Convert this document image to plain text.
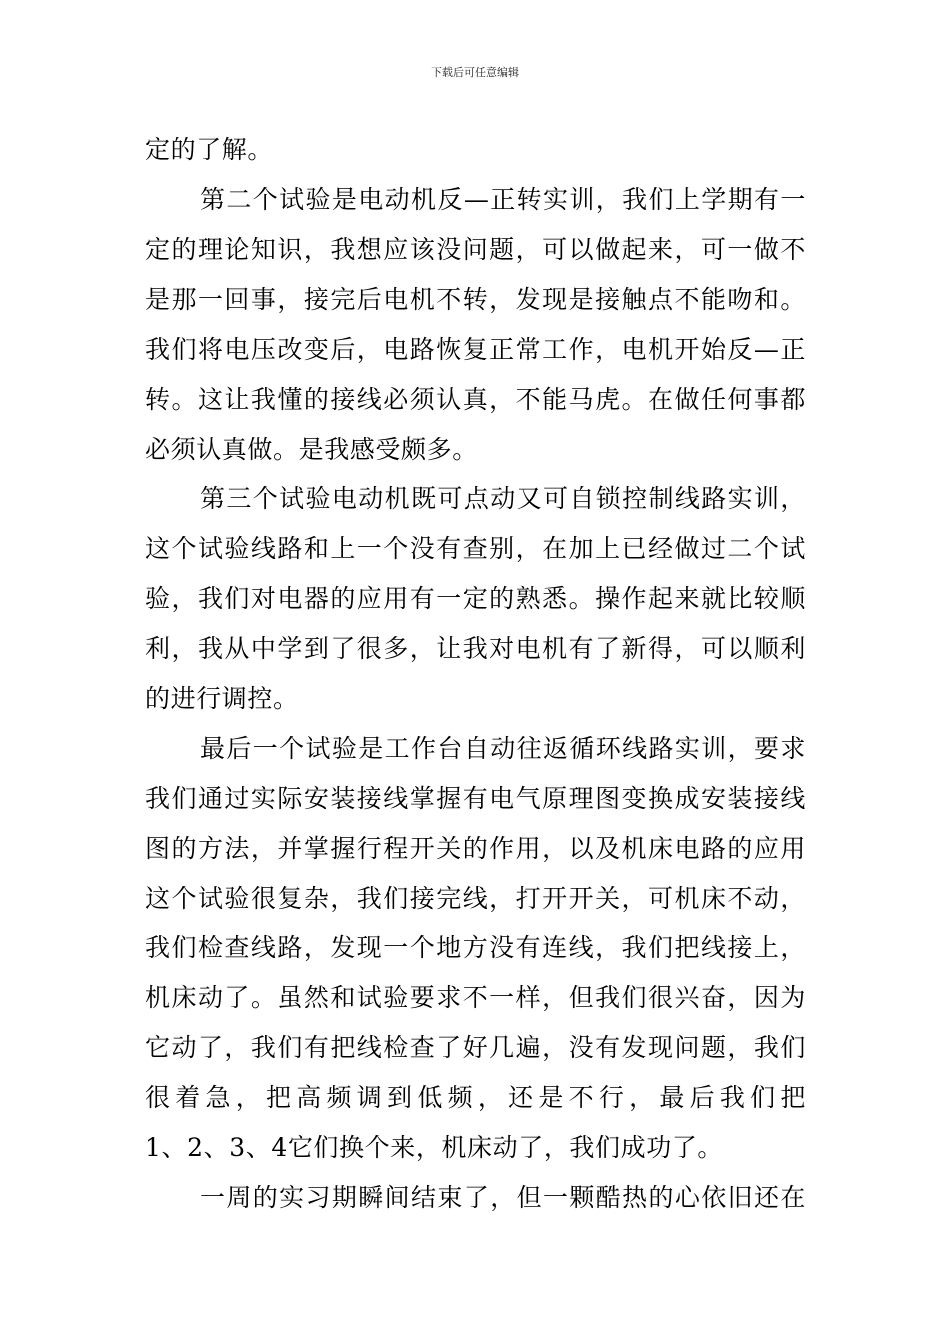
下载后可任意编辑
定的了解。
第二个试验是电动机反—正转实训，我们上学期有一
定的理论知识，我想应该没问题，可以做起来，可一做不
是那一回事，接完后电机不转，发现是接触点不能吻和。
我们将电压改变后，电路恢复正常工作，电机开始反—正
转。这让我懂的接线必须认真，不能马虎。在做任何事都
必须认真做。是我感受颇多。
第三个试验电动机既可点动又可自锁控制线路实训，
这个试验线路和上一个没有查别，在加上已经做过二个试
验，我们对电器的应用有一定的熟悉。操作起来就比较顺
利，我从中学到了很多，让我对电机有了新得，可以顺利
的进行调控。
最后一个试验是工作台自动往返循环线路实训，要求
我们通过实际安装接线掌握有电气原理图变换成安装接线
图的方法，并掌握行程开关的作用，以及机床电路的应用
这个试验很复杂，我们接完线，打开开关，可机床不动，
我们检查线路，发现一个地方没有连线，我们把线接上，
机床动了。虽然和试验要求不一样，但我们很兴奋，因为
它动了，我们有把线检查了好几遍，没有发现问题，我们
很着急，把高频调到低频，还是不行，最后我们把
1、2、3、4它们换个来，机床动了，我们成功了。
一周的实习期瞬间结束了，但一颗酷热的心依旧还在
